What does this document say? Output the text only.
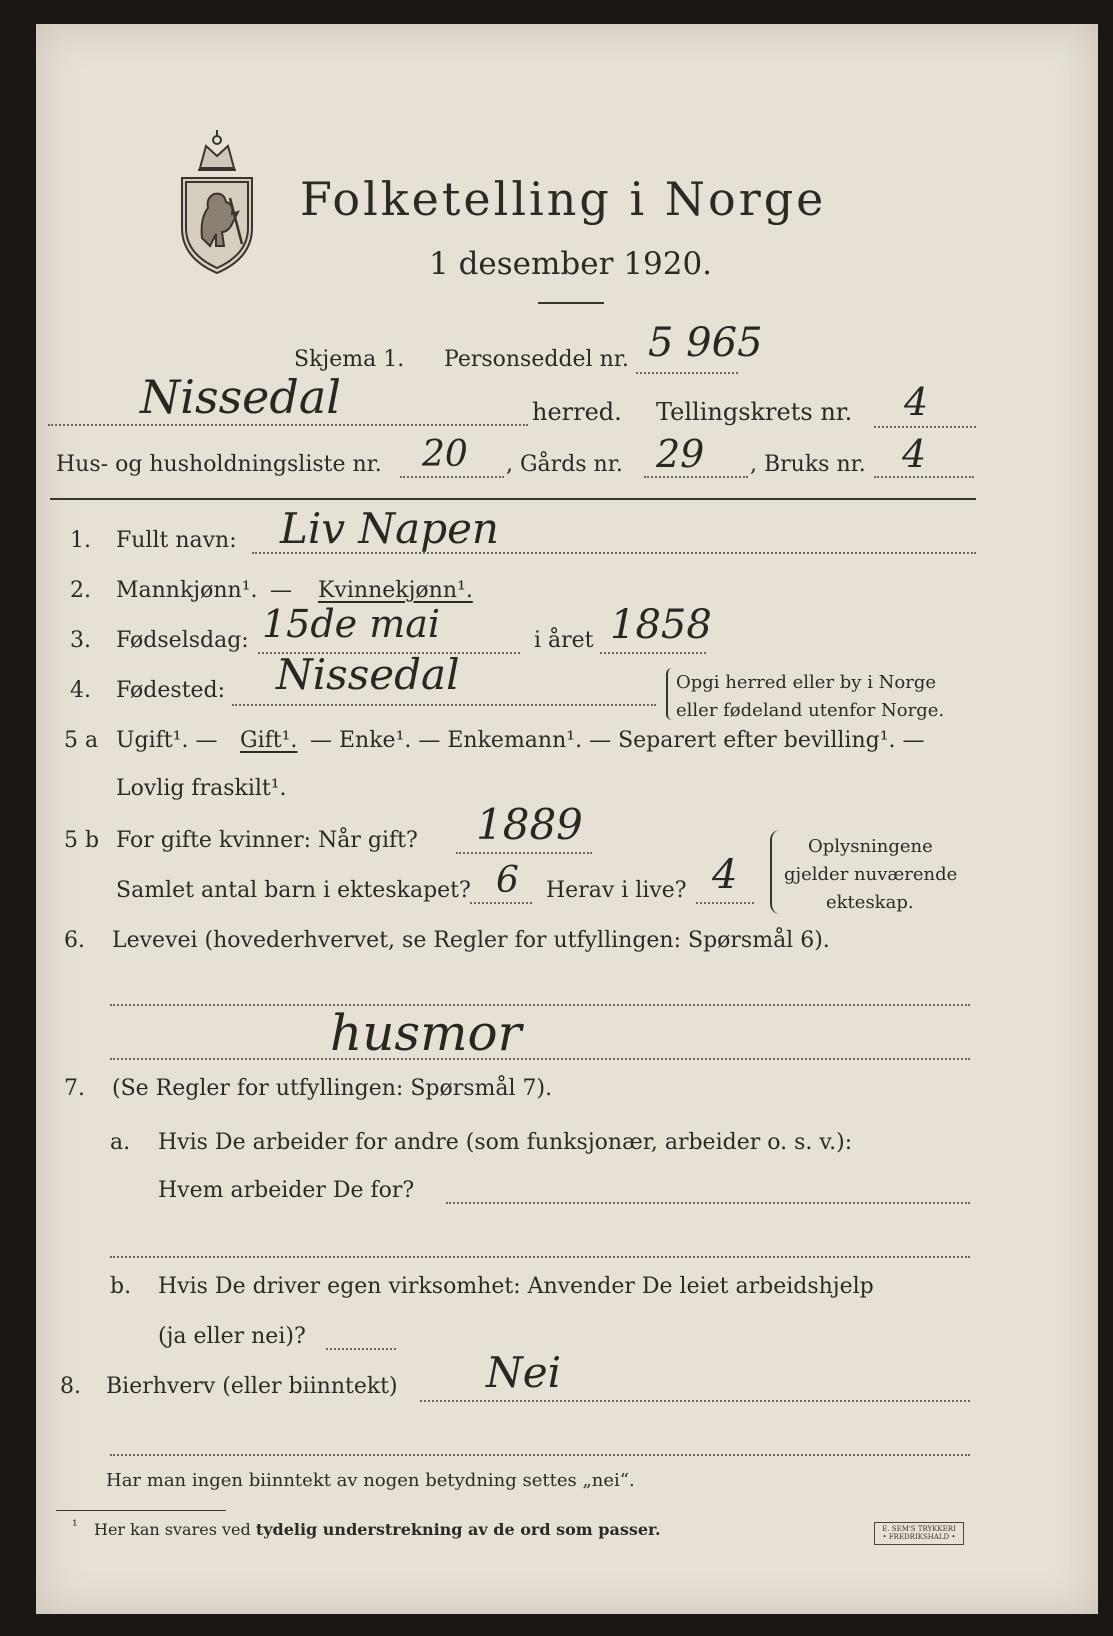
Folketelling i Norge
1 desember 1920.
Skjema 1. Personseddel nr. 5 965
Nissedal	herred. Tellingskrets nr. 4
Hus- og husholdningsliste nr. 20 , Gårds nr. 29 , Bruks nr. 4
1. Fullt navn: Liv Napen
2. Mannkjønn¹. — Kvinnekjønn¹.
3. Fødselsdag: 15de mai	i året 1858
4. Fødested: Nissedal	Opgi herred eller by i Norge
eller fødeland utenfor Norge.
5 a Ugift¹. — Gift¹. — Enke¹. — Enkemann¹. — Separert efter bevilling¹. —
Lovlig fraskilt¹.
5 b For gifte kvinner: Når gift? 1889
Samlet antal barn i ekteskapet? 6 Herav i live? 4
Oplysningene
gjelder nuværende
ekteskap.
6. Levevei (hovederhvervet, se Regler for utfyllingen: Spørsmål 6).
husmor
7. (Se Regler for utfyllingen: Spørsmål 7).
a. Hvis De arbeider for andre (som funksjonær, arbeider o. s. v.):
Hvem arbeider De for?
b. Hvis De driver egen virksomhet: Anvender De leiet arbeidshjelp
(ja eller nei)?
8. Bierhverv (eller biinntekt) Nei
Har man ingen biinntekt av nogen betydning settes „nei“.
¹ Her kan svares ved tydelig understrekning av de ord som passer.	E. SEM'S TRYKKERI
• FREDRIKSHALD •
